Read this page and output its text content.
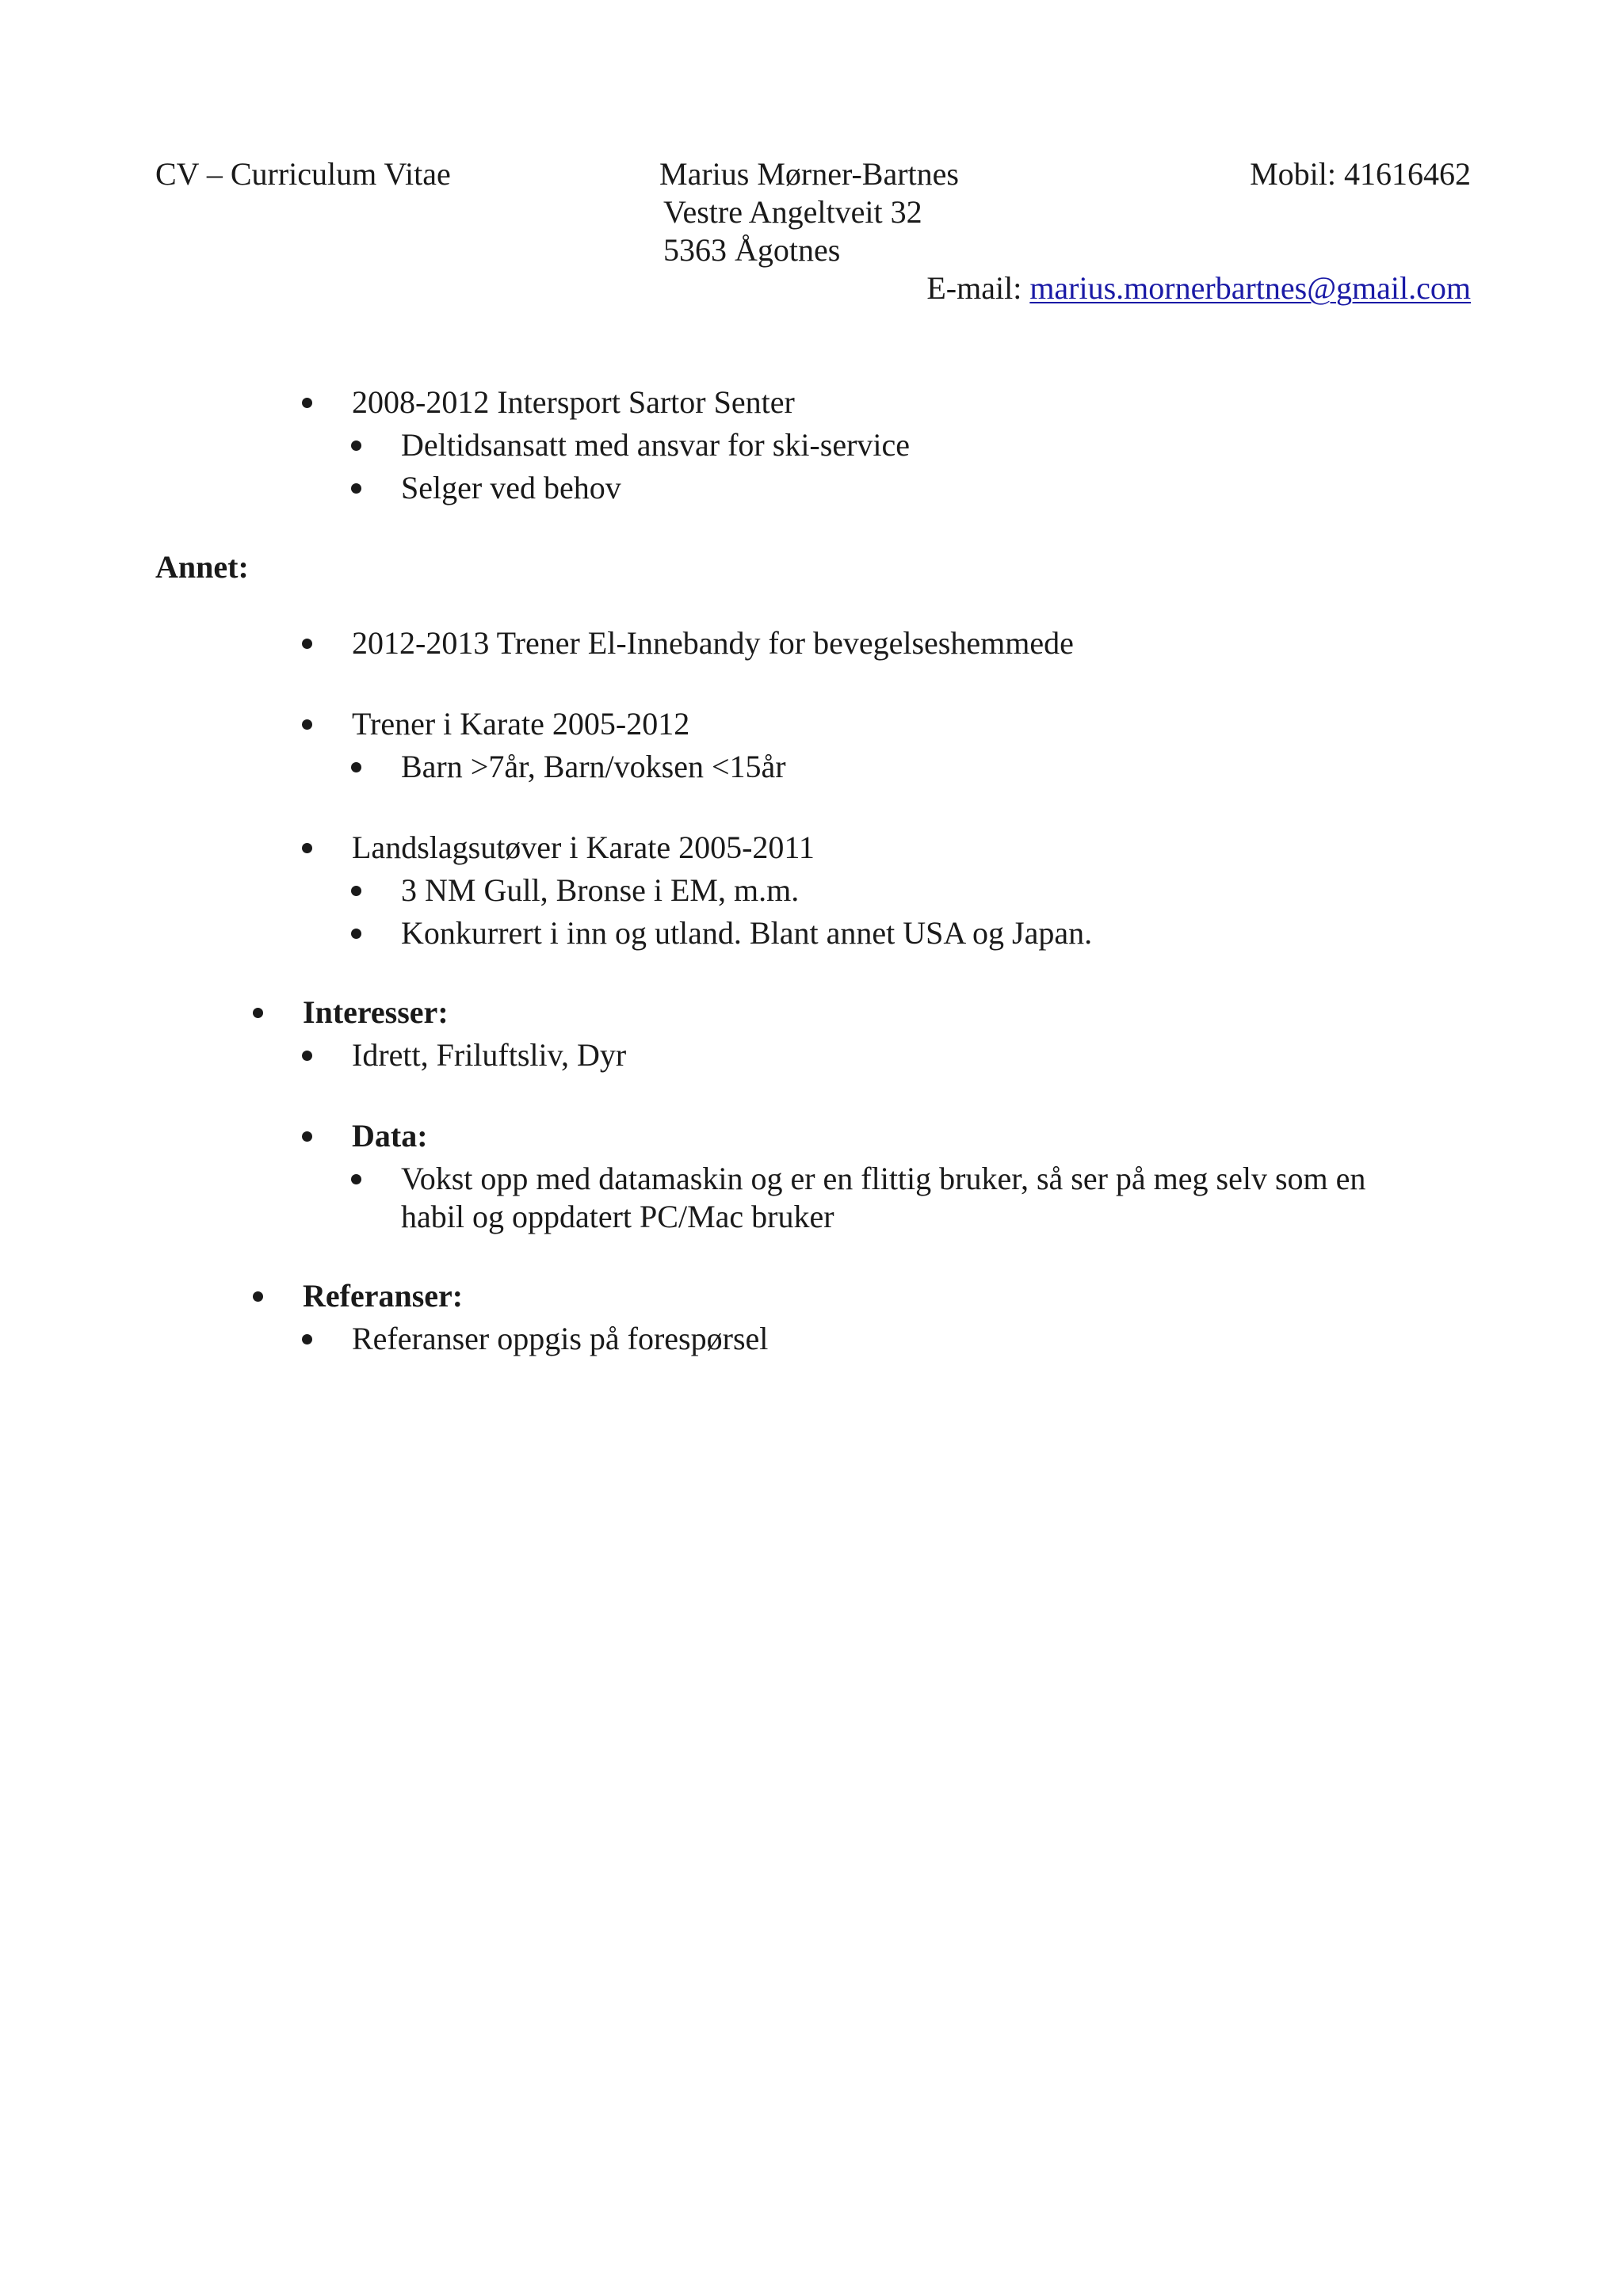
CV – Curriculum Vitae	Marius Mørner-Bartnes	Mobil: 41616462
Vestre Angeltveit 32
5363 Ågotnes
E-mail: marius.mornerbartnes@gmail.com
2008-2012 Intersport Sartor Senter
Deltidsansatt med ansvar for ski-service
Selger ved behov
Annet:
2012-2013 Trener El-Innebandy for bevegelseshemmede
Trener i Karate 2005-2012
Barn >7år, Barn/voksen <15år
Landslagsutøver i Karate 2005-2011
3 NM Gull, Bronse i EM, m.m.
Konkurrert i inn og utland. Blant annet USA og Japan.
Interesser:
Idrett, Friluftsliv, Dyr
Data:
Vokst opp med datamaskin og er en flittig bruker, så ser på meg selv som en
habil og oppdatert PC/Mac bruker
Referanser:
Referanser oppgis på forespørsel
